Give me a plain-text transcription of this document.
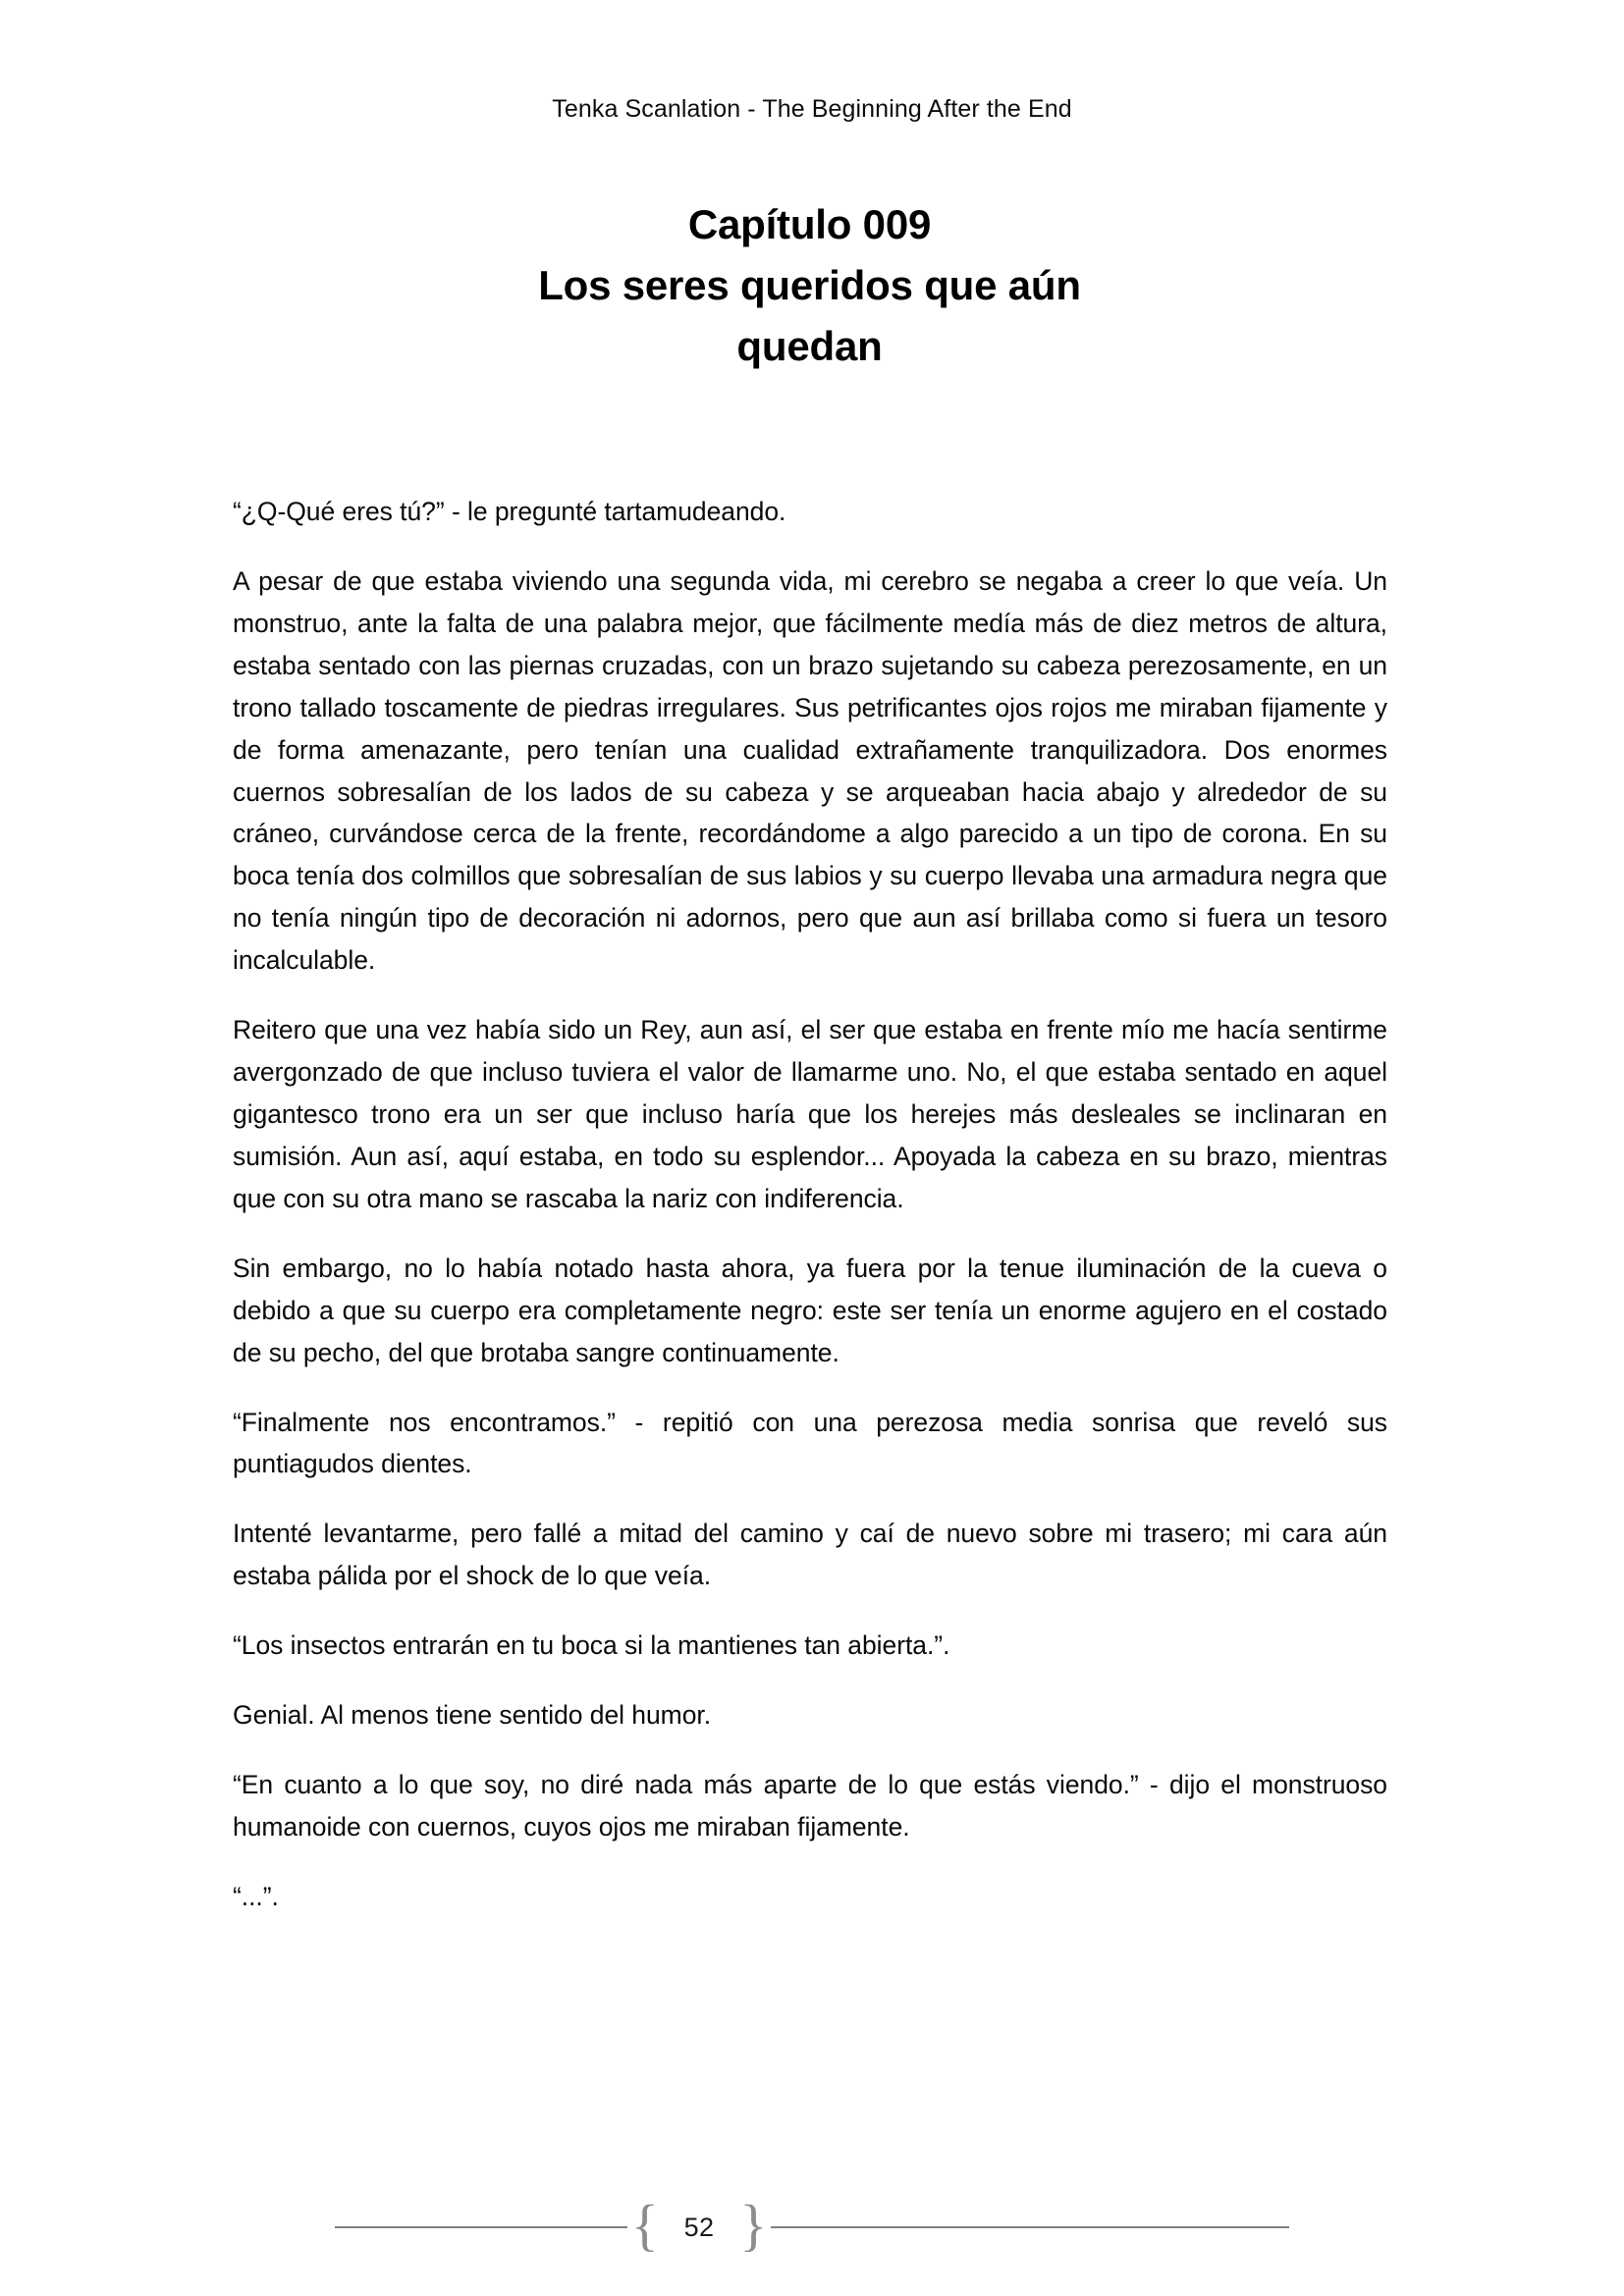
Tenka Scanlation - The Beginning After the End
Capítulo 009
Los seres queridos que aún
quedan

“¿Q-Qué eres tú?” - le pregunté tartamudeando.

A pesar de que estaba viviendo una segunda vida, mi cerebro se negaba a creer lo que veía. Un monstruo, ante la falta de una palabra mejor, que fácilmente medía más de diez metros de altura, estaba sentado con las piernas cruzadas, con un brazo sujetando su cabeza perezosamente, en un trono tallado toscamente de piedras irregulares. Sus petrificantes ojos rojos me miraban fijamente y de forma amenazante, pero tenían una cualidad extrañamente tranquilizadora. Dos enormes cuernos sobresalían de los lados de su cabeza y se arqueaban hacia abajo y alrededor de su cráneo, curvándose cerca de la frente, recordándome a algo parecido a un tipo de corona. En su boca tenía dos colmillos que sobresalían de sus labios y su cuerpo llevaba una armadura negra que no tenía ningún tipo de decoración ni adornos, pero que aun así brillaba como si fuera un tesoro incalculable.

Reitero que una vez había sido un Rey, aun así, el ser que estaba en frente mío me hacía sentirme avergonzado de que incluso tuviera el valor de llamarme uno. No, el que estaba sentado en aquel gigantesco trono era un ser que incluso haría que los herejes más desleales se inclinaran en sumisión. Aun así, aquí estaba, en todo su esplendor... Apoyada la cabeza en su brazo, mientras que con su otra mano se rascaba la nariz con indiferencia.

Sin embargo, no lo había notado hasta ahora, ya fuera por la tenue iluminación de la cueva o debido a que su cuerpo era completamente negro: este ser tenía un enorme agujero en el costado de su pecho, del que brotaba sangre continuamente.

“Finalmente nos encontramos.” - repitió con una perezosa media sonrisa que reveló sus puntiagudos dientes.

Intenté levantarme, pero fallé a mitad del camino y caí de nuevo sobre mi trasero; mi cara aún estaba pálida por el shock de lo que veía.

“Los insectos entrarán en tu boca si la mantienes tan abierta.”.

Genial. Al menos tiene sentido del humor.

“En cuanto a lo que soy, no diré nada más aparte de lo que estás viendo.” - dijo el monstruoso humanoide con cuernos, cuyos ojos me miraban fijamente.

“...”.

{ 52 }
